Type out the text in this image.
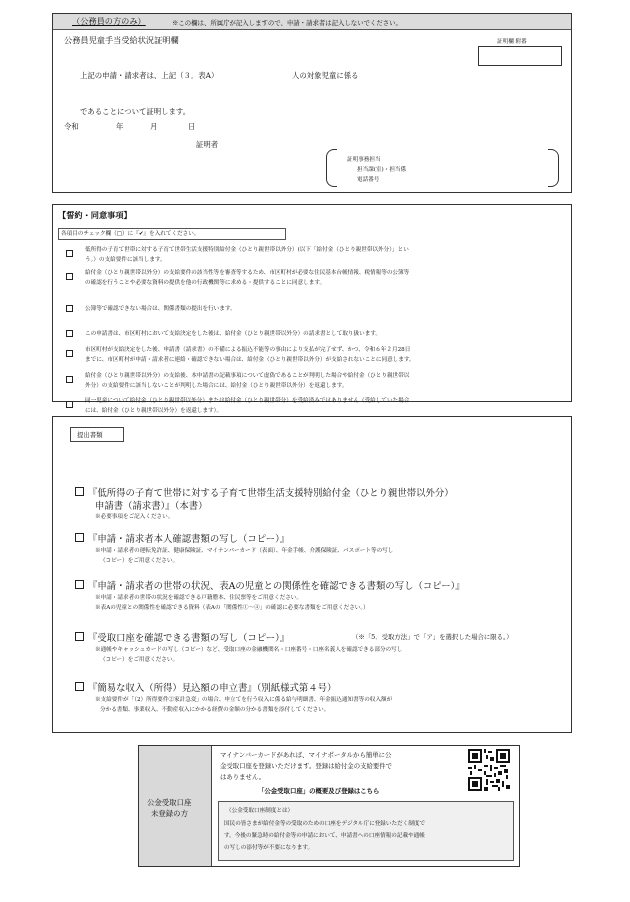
（公務員の方のみ）	※この欄は、所属庁が記入しますので、申請・請求者は記入しないでください。
公務員児童手当受給状況証明欄	証明欄 附番
上記の申請・請求者は、上記（３．表A）	人の対象児童に係る
であることについて証明します。
令和	年	月	日
証明者
証明事務担当
担当課(室)・担当係
電話番号
【誓約・同意事項】
各項目のチェック欄（□）に『✔』を入れてください。
低所得の子育て世帯に対する子育て世帯生活支援特別給付金（ひとり親世帯以外分）(以下「給付金（ひとり親世帯以外分）」とい
う。）の支給要件に該当します。
給付金（ひとり親世帯以外分）の支給要件の該当性等を審査等するため、市区町村が必要な住民基本台帳情報、税情報等の公簿等
の確認を行うことや必要な資料の提供を他の行政機関等に求める・提供することに同意します。
公簿等で確認できない場合は、関係書類の提出を行います。
この申請書は、市区町村において支給決定をした後は、給付金（ひとり親世帯以外分）の請求書として取り扱います。
市区町村が支給決定をした後、申請書（請求書）の不備による振込不能等の事由により支払が完了せず、かつ、令和６年２月28日
までに、市区町村が申請・請求者に連絡・確認できない場合は、給付金（ひとり親世帯以外分）が支給されないことに同意します。
給付金（ひとり親世帯以外分）の支給後、本申請書の記載事項について虚偽であることが判明した場合や給付金（ひとり親世帯以
外分）の支給要件に該当しないことが判明した場合には、給付金（ひとり親世帯以外分）を返還します。
同一児童について給付金（ひとり親世帯以外分）または給付金（ひとり親世帯分）を受給済みではありません（受給していた場合
には、給付金（ひとり親世帯以外分）を返還します）。
提出書類
『低所得の子育て世帯に対する子育て世帯生活支援特別給付金（ひとり親世帯以外分）
申請書（請求書）』（本書）
※必要事項をご記入ください。
『申請・請求者本人確認書類の写し（コピー）』
※申請・請求者の運転免許証、健康保険証、マイナンバーカード（表面）、年金手帳、介護保険証、パスポート等の写し
（コピー）をご用意ください。
『申請・請求者の世帯の状況、表Aの児童との関係性を確認できる書類の写し（コピー）』
※申請・請求者の世帯の状況を確認できる戸籍謄本、住民票等をご用意ください。
※表Aの児童との関係性を確認できる資料（表Aの「関係性①～④」の確認に必要な書類をご用意ください。）
『受取口座を確認できる書類の写し（コピー）』	（※「5．受取方法」で「ア」を選択した場合に限る。）
※通帳やキャッシュカードの写し（コピー）など、受取口座の金融機関名・口座番号・口座名義人を確認できる部分の写し
（コピー）をご用意ください。
『簡易な収入（所得）見込額の申立書』（別紙様式第４号）
※支給要件が「（2）所得要件②家計急変」の場合、申立てを行う収入に係る給与明細書、年金振込通知書等の収入額が
分かる書類、事業収入、不動産収入にかかる経費の金額の分かる書類を添付してください。
公金受取口座
未登録の方
マイナンバーカードがあれば、マイナポータルから簡単に公
金受取口座を登録いただけます。登録は給付金の支給要件で
はありません。
「公金受取口座」の概要及び登録はこちら
（公金受取口座制度とは）
国民の皆さまが給付金等の受取のための口座をデジタル庁に登録いただく制度で
す。今後の緊急時の給付金等の申請において、申請書への口座情報の記載や通帳
の写しの添付等が不要になります。
